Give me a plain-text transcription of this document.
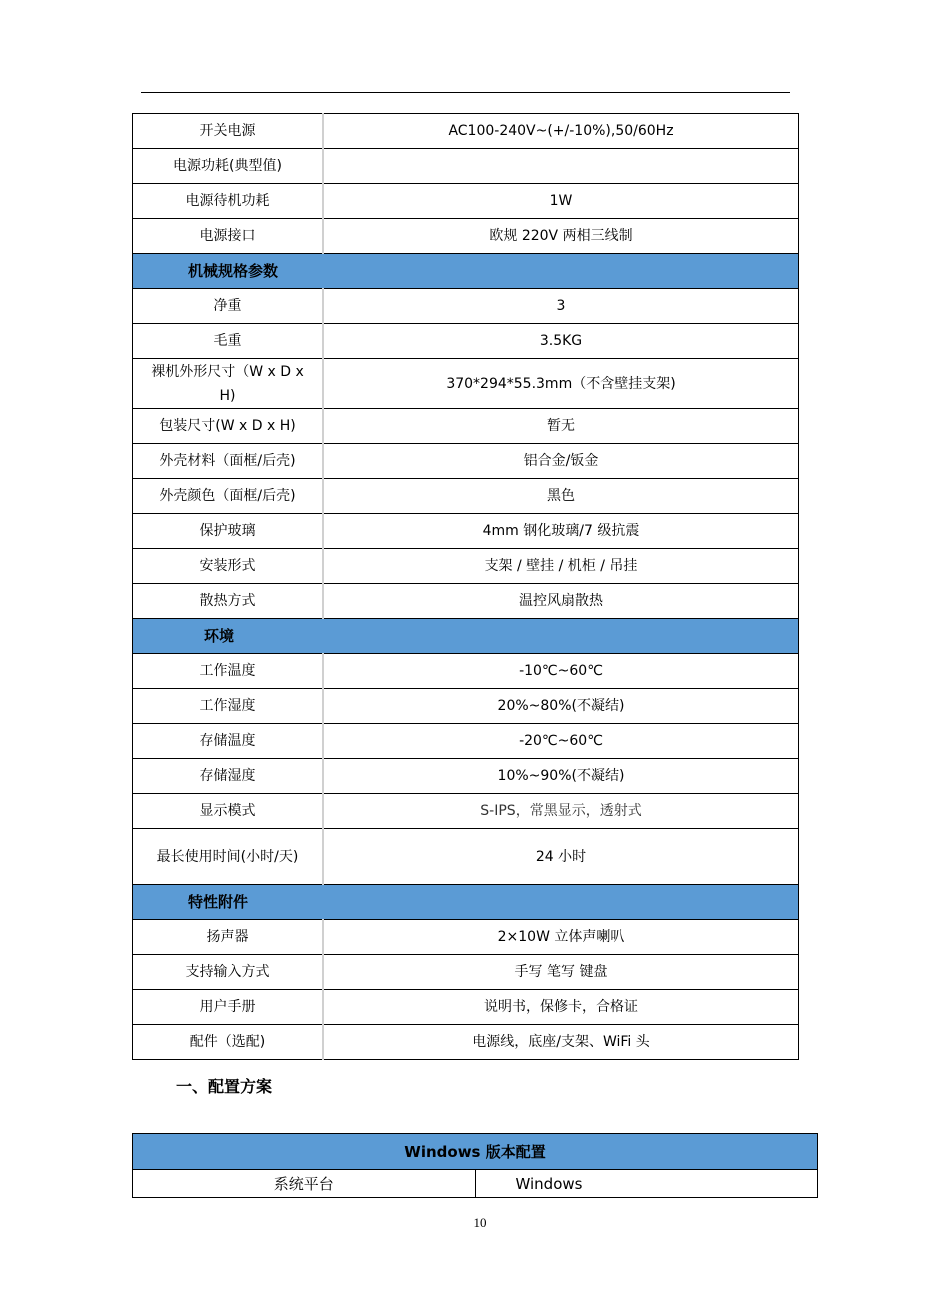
开关电源	AC100-240V~(+/-10%),50/60Hz
电源功耗(典型值)	
电源待机功耗	1W
电源接口	欧规 220V 两相三线制
机械规格参数	
净重	3
毛重	3.5KG
裸机外形尺寸（W x D x H)	370*294*55.3mm（不含壁挂支架)
包装尺寸(W x D x H)	暂无
外壳材料（面框/后壳)	铝合金/钣金
外壳颜色（面框/后壳)	黑色
保护玻璃	4mm 钢化玻璃/7 级抗震
安装形式	支架 / 壁挂 / 机柜 / 吊挂
散热方式	温控风扇散热
环境	
工作温度	-10℃~60℃
工作湿度	20%~80%(不凝结)
存储温度	-20℃~60℃
存储湿度	10%~90%(不凝结)
显示模式	S-IPS，常黑显示，透射式
最长使用时间(小时/天)	24 小时
特性附件	
扬声器	2×10W 立体声喇叭
支持输入方式	手写 笔写 键盘
用户手册	说明书，保修卡，合格证
配件（选配)	电源线，底座/支架、WiFi 头
一、配置方案
Windows 版本配置
系统平台	Windows
10
